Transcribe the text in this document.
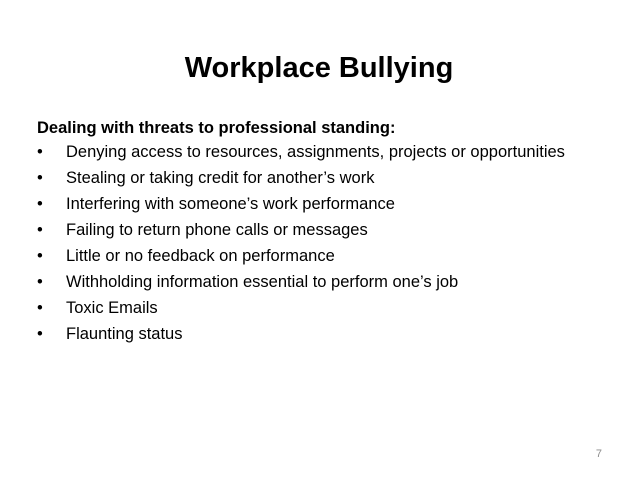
Workplace Bullying

Dealing with threats to professional standing:

• Denying access to resources, assignments, projects or opportunities
• Stealing or taking credit for another’s work
• Interfering with someone’s work performance
• Failing to return phone calls or messages
• Little or no feedback on performance
• Withholding information essential to perform one’s job
• Toxic Emails
• Flaunting status
7
